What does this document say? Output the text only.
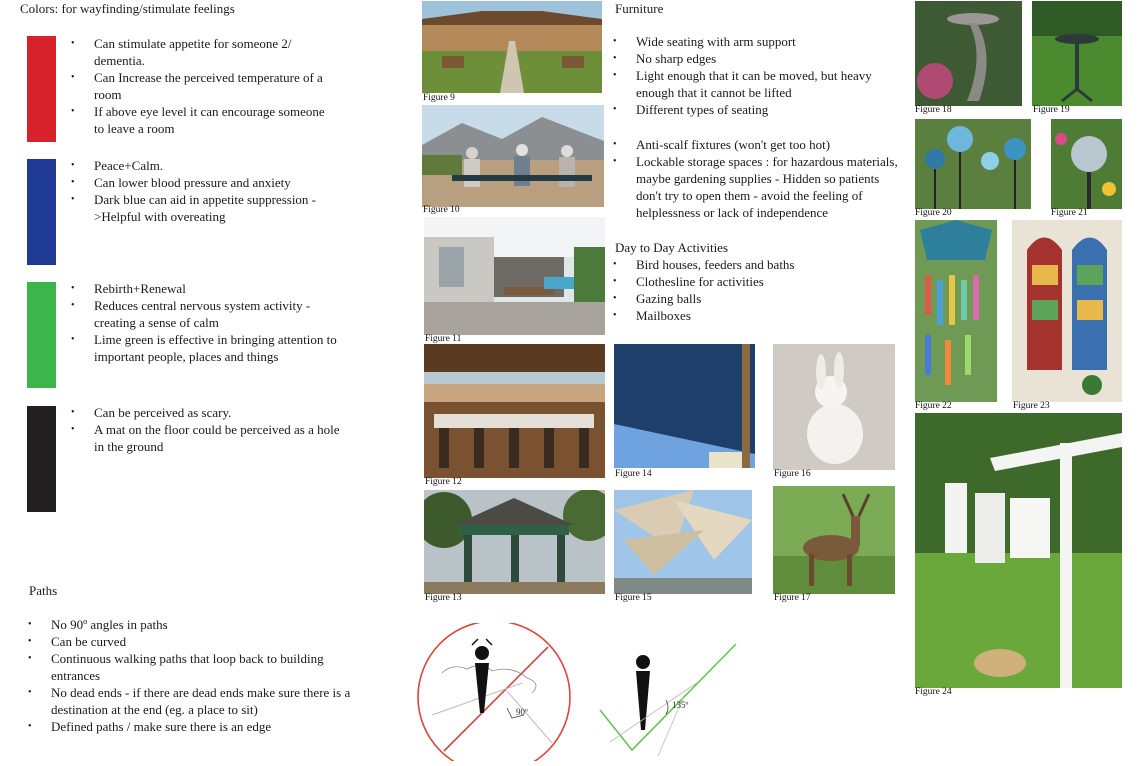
Colors: for wayfinding/stimulate feelings
• Can stimulate appetite for someone 2/ dementia.
• Can Increase the perceived temperature of a room
• If above eye level it can encourage someone to leave a room
• Peace+Calm.
• Can lower blood pressure and anxiety
• Dark blue can aid in appetite suppression ->Helpful with overeating
• Rebirth+Renewal
• Reduces central nervous system activity - creating a sense of calm
• Lime green is effective in bringing attention to important people, places and things
• Can be perceived as scary.
• A mat on the floor could be perceived as a hole in the ground
Paths
• No 90º angles in paths
• Can be curved
• Continuous walking paths that loop back to building entrances
• No dead ends - if there are dead ends make sure there is a destination at the end (eg. a place to sit)
• Defined paths / make sure there is an edge
Furniture
• Wide seating with arm support
• No sharp edges
• Light enough that it can be moved, but heavy enough that it cannot be lifted
• Different types of seating
• Anti-scalf fixtures (won't get too hot)
• Lockable storage spaces : for hazardous materials, maybe gardening supplies - Hidden so patients don't try to open them - avoid the feeling of helplessness or lack of independence
Day to Day Activities
• Bird houses, feeders and baths
• Clothesline for activities
• Gazing balls
• Mailboxes
Figure 9
Figure 10
Figure 11
Figure 12
Figure 13
Figure 14
Figure 15
Figure 16
Figure 17
Figure 18	Figure 19
Figure 20	Figure 21
Figure 22	Figure 23
Figure 24
90º
135º
